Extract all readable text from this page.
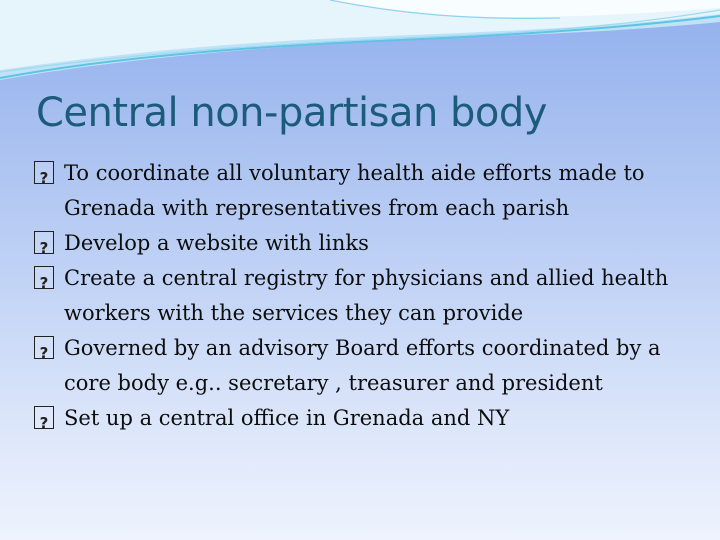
Central non-partisan body
?
To coordinate all voluntary health aide efforts made to Grenada with representatives from each parish
?
Develop a website with links
?
Create a central registry for physicians and allied health workers with the services they can provide
?
Governed by an advisory Board efforts coordinated by a core body e.g.. secretary , treasurer and president
?
Set up a central office in Grenada and NY
